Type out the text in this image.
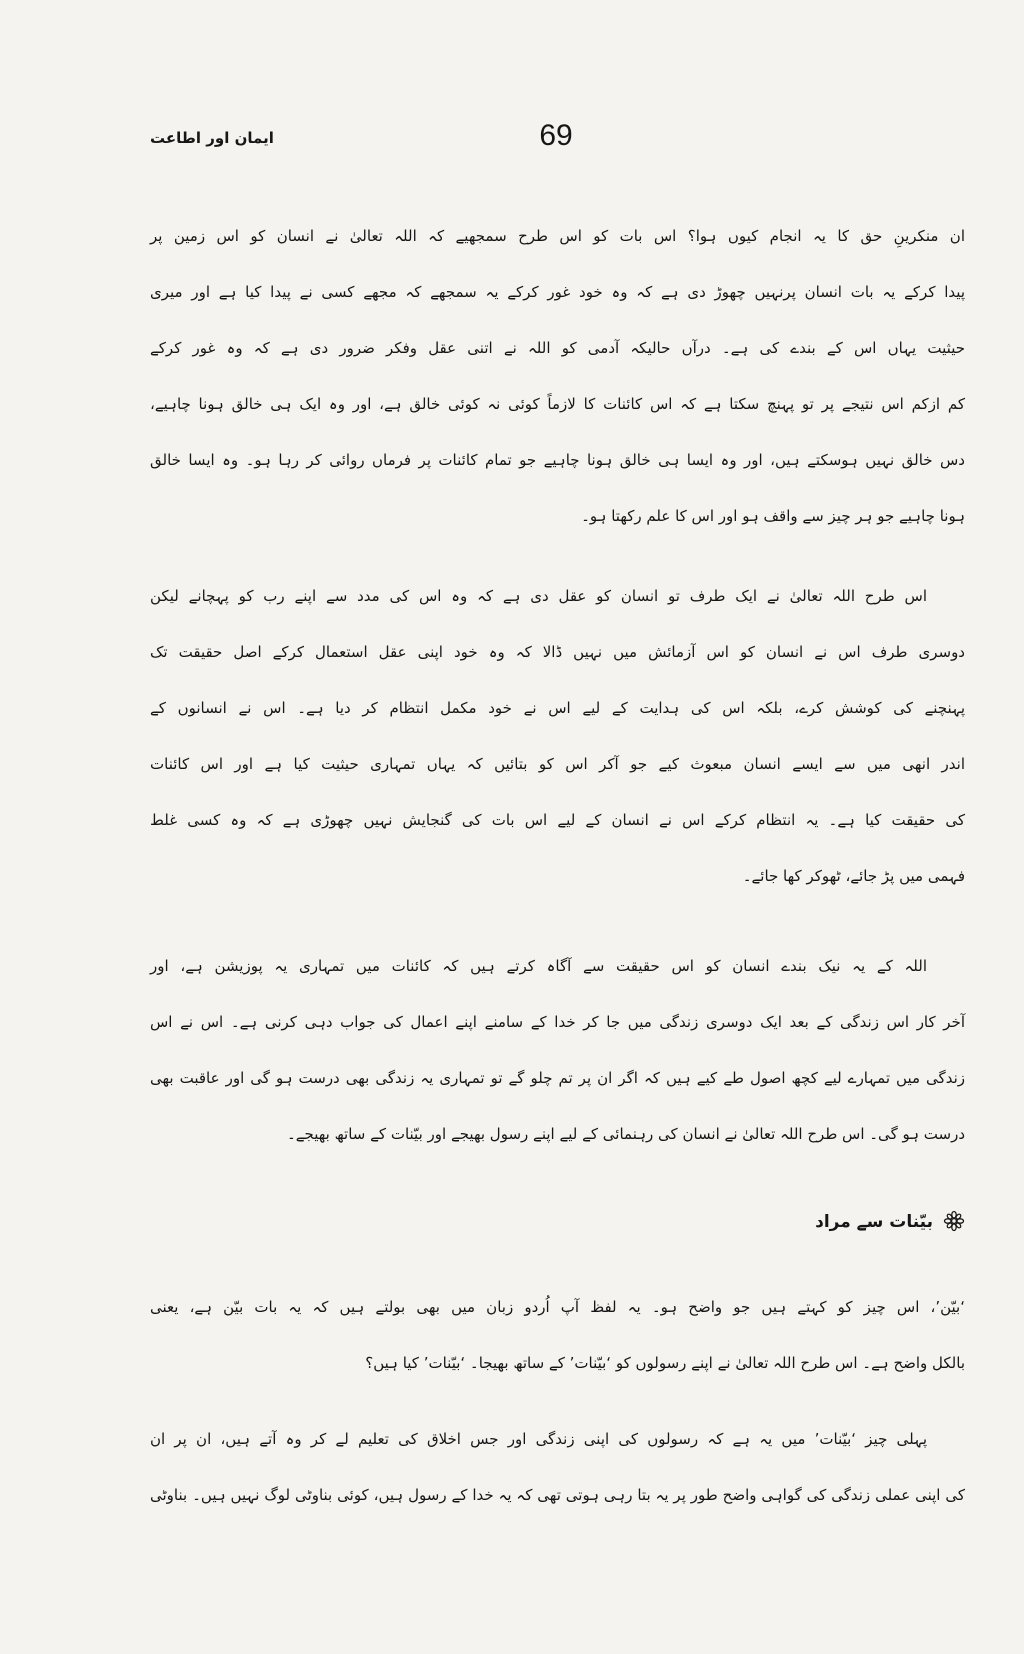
69
ایمان اور اطاعت
ان منکرینِ حق کا یہ انجام کیوں ہوا؟ اس بات کو اس طرح سمجھیے کہ اللہ تعالیٰ نے انسان کو اس زمین پر
پیدا کرکے یہ بات انسان پرنہیں چھوڑ دی ہے کہ وہ خود غور کرکے یہ سمجھے کہ مجھے کسی نے پیدا کیا ہے اور میری
حیثیت یہاں اس کے بندے کی ہے۔ درآں حالیکہ آدمی کو اللہ نے اتنی عقل وفکر ضرور دی ہے کہ وہ غور کرکے
کم ازکم اس نتیجے پر تو پہنچ سکتا ہے کہ اس کائنات کا لازماً کوئی نہ کوئی خالق ہے، اور وہ ایک ہی خالق ہونا چاہیے،
دس خالق نہیں ہوسکتے ہیں، اور وہ ایسا ہی خالق ہونا چاہیے جو تمام کائنات پر فرماں روائی کر رہا ہو۔ وہ ایسا خالق
ہونا چاہیے جو ہر چیز سے واقف ہو اور اس کا علم رکھتا ہو۔
اس طرح اللہ تعالیٰ نے ایک طرف تو انسان کو عقل دی ہے کہ وہ اس کی مدد سے اپنے رب کو پہچانے لیکن
دوسری طرف اس نے انسان کو اس آزمائش میں نہیں ڈالا کہ وہ خود اپنی عقل استعمال کرکے اصل حقیقت تک
پہنچنے کی کوشش کرے، بلکہ اس کی ہدایت کے لیے اس نے خود مکمل انتظام کر دیا ہے۔ اس نے انسانوں کے
اندر انھی میں سے ایسے انسان مبعوث کیے جو آکر اس کو بتائیں کہ یہاں تمہاری حیثیت کیا ہے اور اس کائنات
کی حقیقت کیا ہے۔ یہ انتظام کرکے اس نے انسان کے لیے اس بات کی گنجایش نہیں چھوڑی ہے کہ وہ کسی غلط
فہمی میں پڑ جائے، ٹھوکر کھا جائے۔
اللہ کے یہ نیک بندے انسان کو اس حقیقت سے آگاہ کرتے ہیں کہ کائنات میں تمہاری یہ پوزیشن ہے، اور
آخر کار اس زندگی کے بعد ایک دوسری زندگی میں جا کر خدا کے سامنے اپنے اعمال کی جواب دہی کرنی ہے۔ اس نے اس
زندگی میں تمہارے لیے کچھ اصول طے کیے ہیں کہ اگر ان پر تم چلو گے تو تمہاری یہ زندگی بھی درست ہو گی اور عاقبت بھی
درست ہو گی۔ اس طرح اللہ تعالیٰ نے انسان کی رہنمائی کے لیے اپنے رسول بھیجے اور بیّنات کے ساتھ بھیجے۔
بیّنات سے مراد
‘بیّن’، اس چیز کو کہتے ہیں جو واضح ہو۔ یہ لفظ آپ اُردو زبان میں بھی بولتے ہیں کہ یہ بات بیّن ہے، یعنی
بالکل واضح ہے۔ اس طرح اللہ تعالیٰ نے اپنے رسولوں کو ‘بیّنات’ کے ساتھ بھیجا۔ ‘بیّنات’ کیا ہیں؟
پہلی چیز ‘بیّنات’ میں یہ ہے کہ رسولوں کی اپنی زندگی اور جس اخلاق کی تعلیم لے کر وہ آتے ہیں، ان پر ان
کی اپنی عملی زندگی کی گواہی واضح طور پر یہ بتا رہی ہوتی تھی کہ یہ خدا کے رسول ہیں، کوئی بناوٹی لوگ نہیں ہیں۔ بناوٹی
